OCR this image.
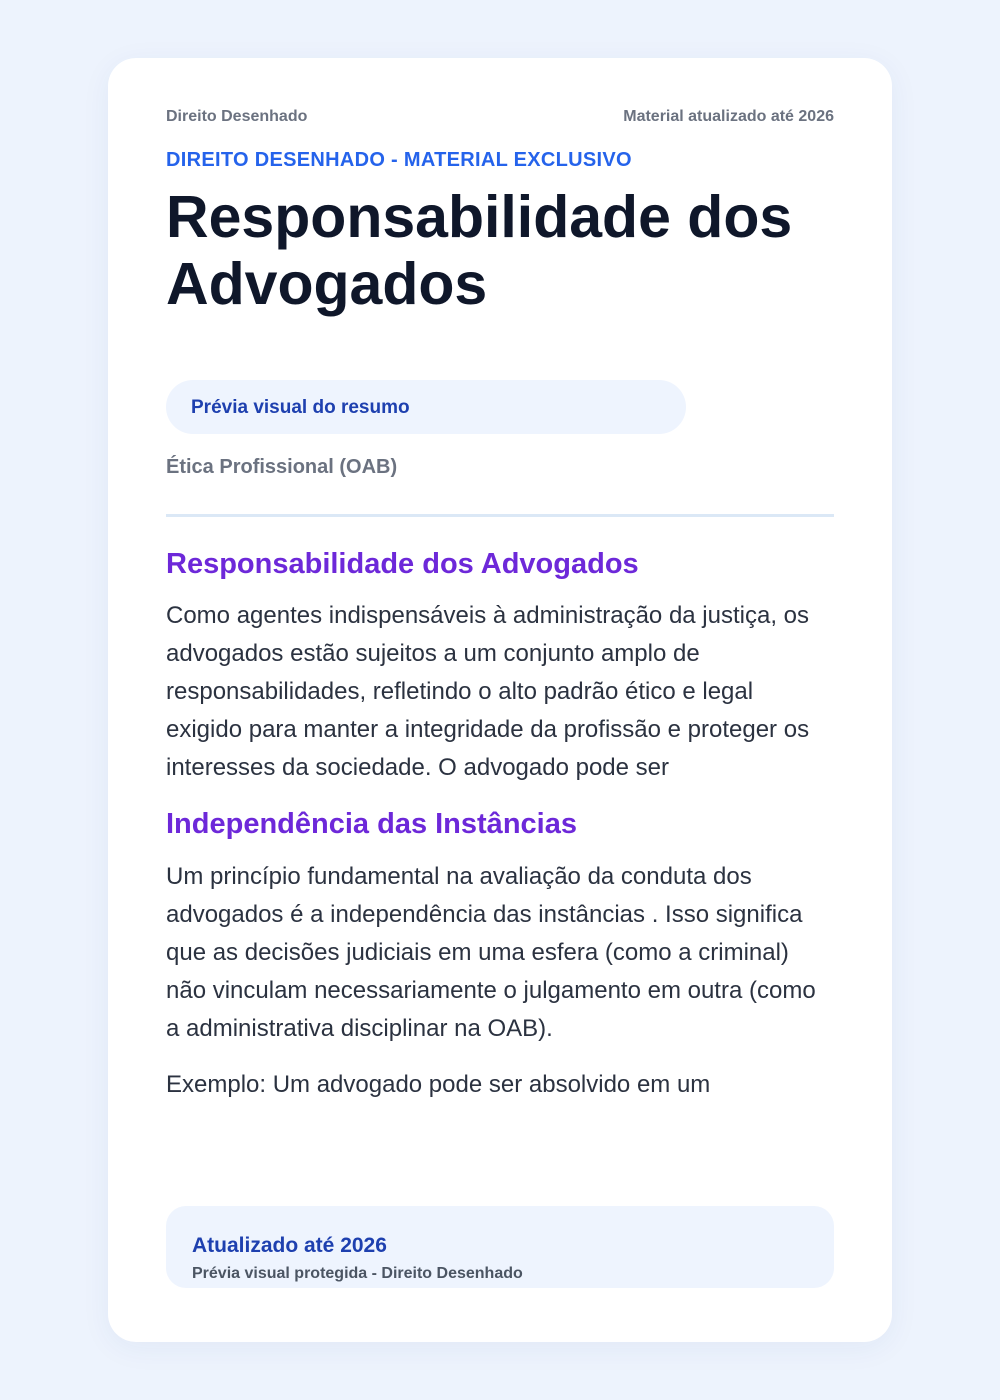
Direito Desenhado	Material atualizado até 2026
DIREITO DESENHADO - MATERIAL EXCLUSIVO
Responsabilidade dos Advogados
Prévia visual do resumo
Ética Profissional (OAB)
Responsabilidade dos Advogados

Como agentes indispensáveis à administração da justiça, os advogados estão sujeitos a um conjunto amplo de responsabilidades, refletindo o alto padrão ético e legal exigido para manter a integridade da profissão e proteger os interesses da sociedade. O advogado pode ser

Independência das Instâncias

Um princípio fundamental na avaliação da conduta dos advogados é a independência das instâncias . Isso significa que as decisões judiciais em uma esfera (como a criminal) não vinculam necessariamente o julgamento em outra (como a administrativa disciplinar na OAB).

Exemplo: Um advogado pode ser absolvido em um

Atualizado até 2026
Prévia visual protegida - Direito Desenhado
